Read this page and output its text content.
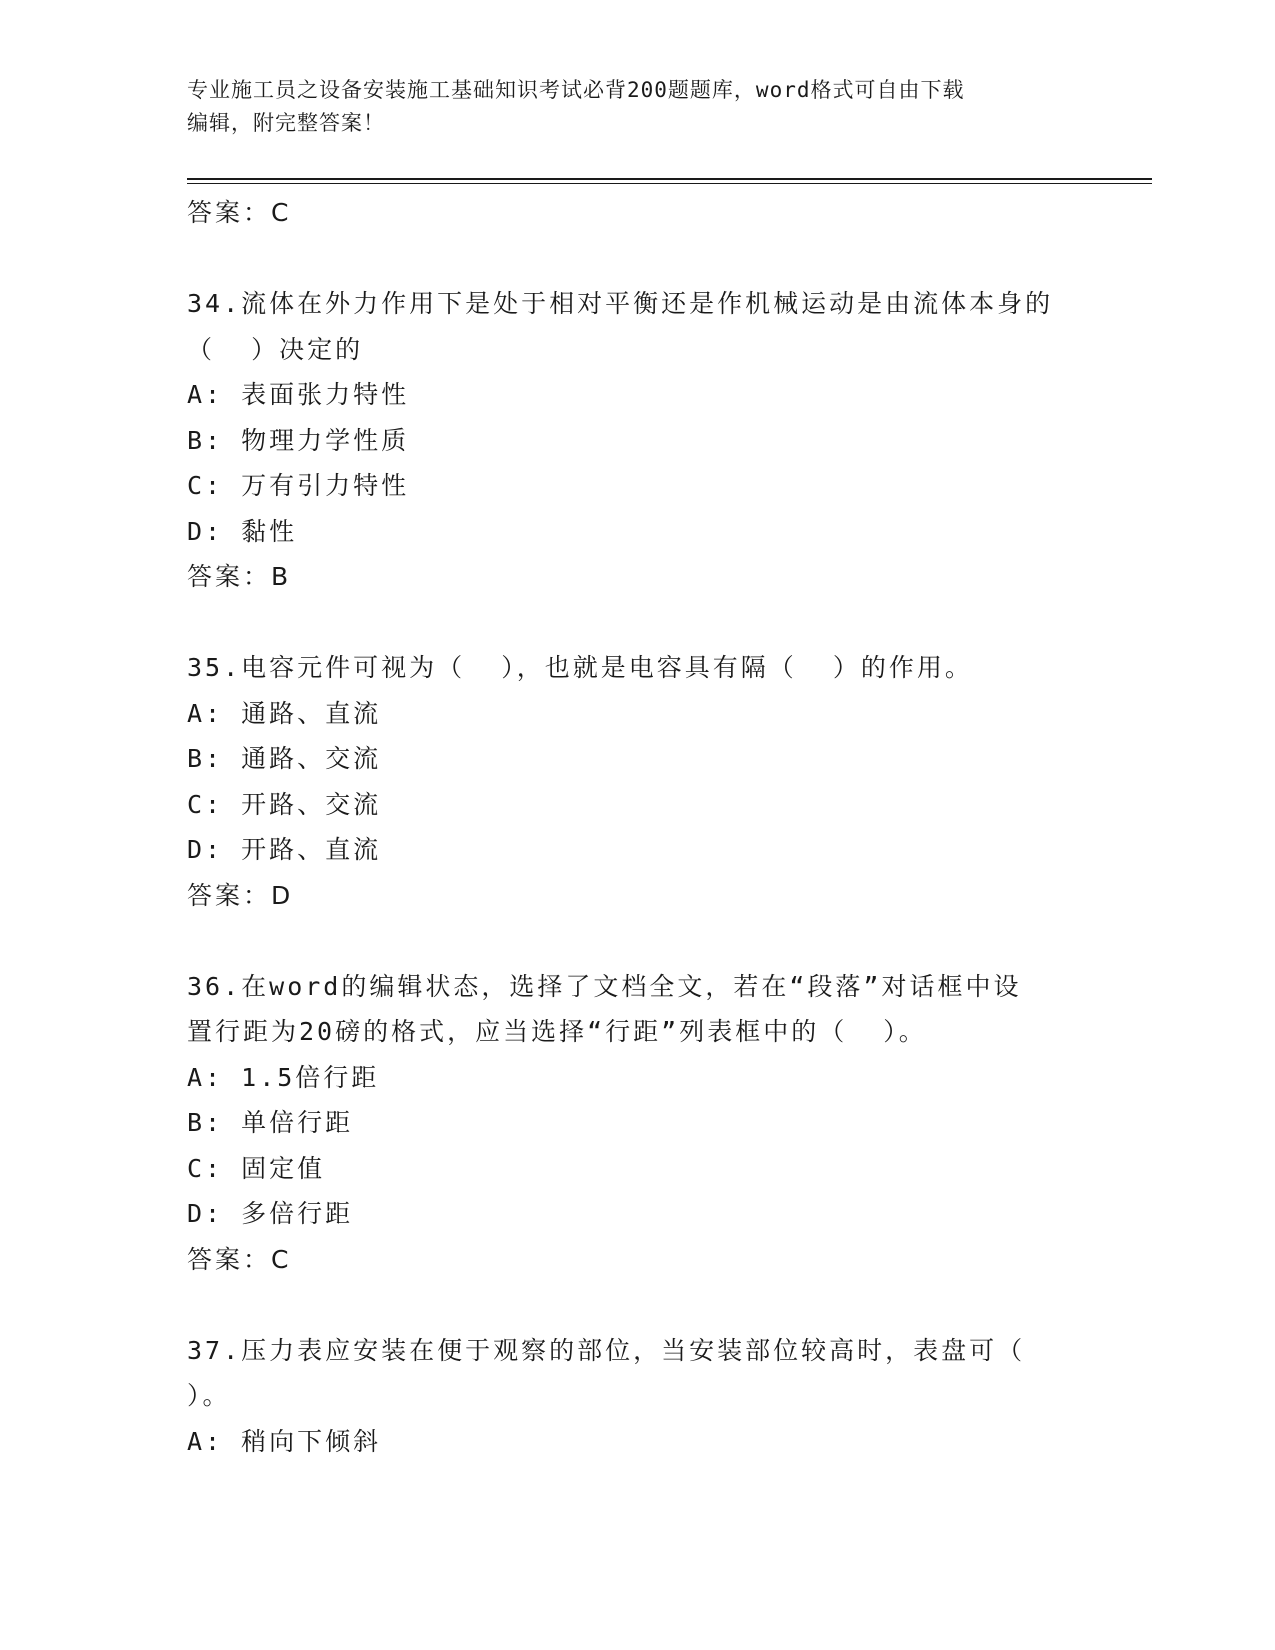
专业施工员之设备安装施工基础知识考试必背200题题库，word格式可自由下载
编辑，附完整答案！
答案：C
34.流体在外力作用下是处于相对平衡还是作机械运动是由流体本身的
（  ）决定的
A: 表面张力特性
B: 物理力学性质
C: 万有引力特性
D: 黏性
答案：B
35.电容元件可视为（  ），也就是电容具有隔（  ）的作用。
A: 通路、直流
B: 通路、交流
C: 开路、交流
D: 开路、直流
答案：D
36.在word的编辑状态，选择了文档全文，若在“段落”对话框中设
置行距为20磅的格式，应当选择“行距”列表框中的（  ）。
A: 1.5倍行距
B: 单倍行距
C: 固定值
D: 多倍行距
答案：C
37.压力表应安装在便于观察的部位，当安装部位较高时，表盘可（
）。
A: 稍向下倾斜
